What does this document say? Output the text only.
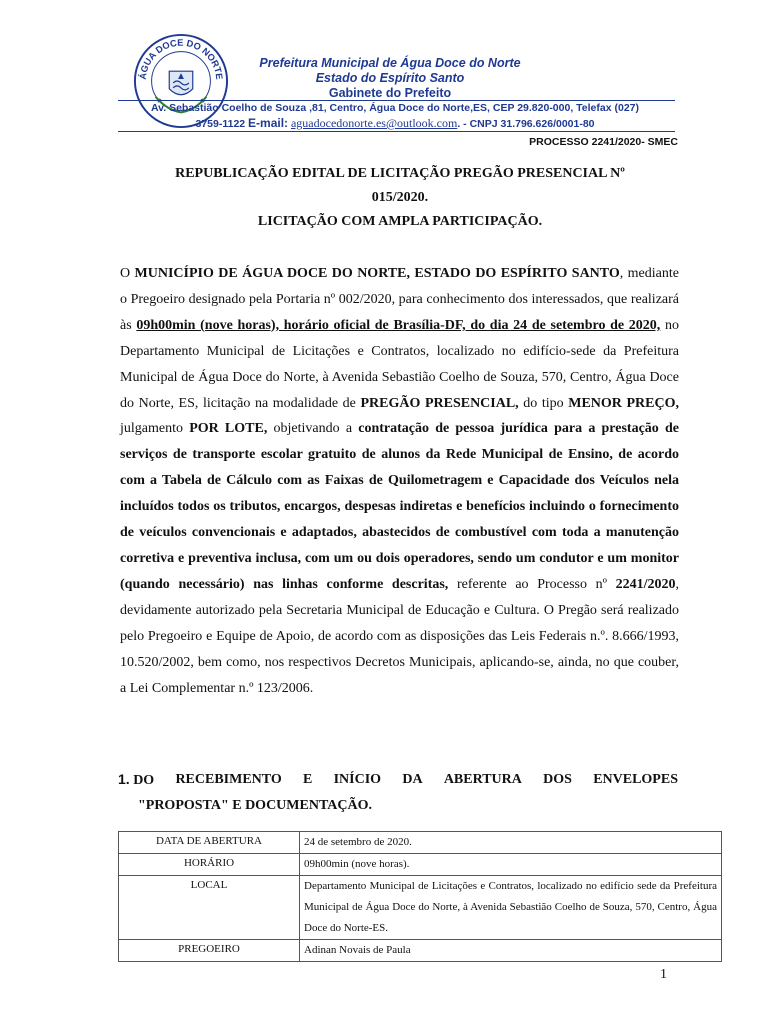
ÁGUA DOCE DO NORTE
Prefeitura Municipal de Água Doce do Norte
Estado do Espírito Santo
Gabinete do Prefeito
Av. Sebastião Coelho de Souza ,81, Centro, Água Doce do Norte,ES, CEP 29.820-000, Telefax (027)
3759-1122 E-mail: aguadocedonorte.es@outlook.com. - CNPJ 31.796.626/0001-80
PROCESSO 2241/2020- SMEC
REPUBLICAÇÃO EDITAL DE LICITAÇÃO PREGÃO PRESENCIAL Nº
015/2020.
LICITAÇÃO COM AMPLA PARTICIPAÇÃO.

O MUNICÍPIO DE ÁGUA DOCE DO NORTE, ESTADO DO ESPÍRITO SANTO, mediante o Pregoeiro designado pela Portaria nº 002/2020, para conhecimento dos interessados, que realizará às 09h00min (nove horas), horário oficial de Brasília-DF, do dia 24 de setembro de 2020, no Departamento Municipal de Licitações e Contratos, localizado no edifício-sede da Prefeitura Municipal de Água Doce do Norte, à Avenida Sebastião Coelho de Souza, 570, Centro, Água Doce do Norte, ES, licitação na modalidade de PREGÃO PRESENCIAL, do tipo MENOR PREÇO, julgamento POR LOTE, objetivando a contratação de pessoa jurídica para a prestação de serviços de transporte escolar gratuito de alunos da Rede Municipal de Ensino, de acordo com a Tabela de Cálculo com as Faixas de Quilometragem e Capacidade dos Veículos nela incluídos todos os tributos, encargos, despesas indiretas e benefícios incluindo o fornecimento de veículos convencionais e adaptados, abastecidos de combustível com toda a manutenção corretiva e preventiva inclusa, com um ou dois operadores, sendo um condutor e um monitor (quando necessário) nas linhas conforme descritas, referente ao Processo nº 2241/2020, devidamente autorizado pela Secretaria Municipal de Educação e Cultura. O Pregão será realizado pelo Pregoeiro e Equipe de Apoio, de acordo com as disposições das Leis Federais n.º. 8.666/1993, 10.520/2002, bem como, nos respectivos Decretos Municipais, aplicando-se, ainda, no que couber, a Lei Complementar n.º 123/2006.

1. DO RECEBIMENTO E INÍCIO DA ABERTURA DOS ENVELOPES
"PROPOSTA" E DOCUMENTAÇÃO.
DATA DE ABERTURA	24 de setembro de 2020.
HORÁRIO	09h00min (nove horas).
LOCAL	Departamento Municipal de Licitações e Contratos, localizado no edifício sede da Prefeitura Municipal de Água Doce do Norte, à Avenida Sebastião Coelho de Souza, 570, Centro, Água Doce do Norte-ES.
PREGOEIRO	Adinan Novais de Paula
1
